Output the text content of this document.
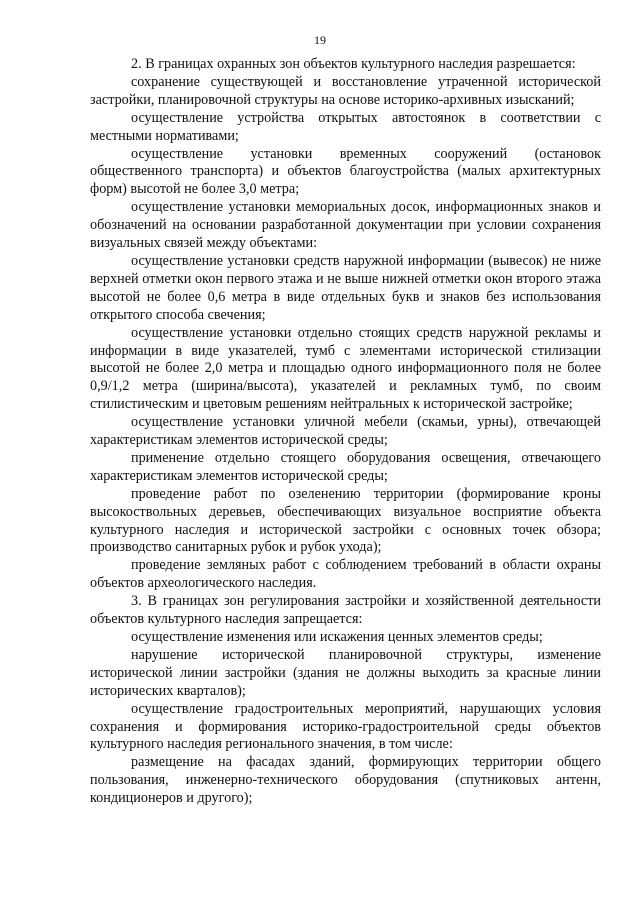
19

2. В границах охранных зон объектов культурного наследия разрешается:

сохранение существующей и восстановление утраченной исторической застройки, планировочной структуры на основе историко-архивных изысканий;

осуществление устройства открытых автостоянок в соответствии с местными нормативами;

осуществление установки временных сооружений (остановок общественного транспорта) и объектов благоустройства (малых архитектурных форм) высотой не более 3,0 метра;

осуществление установки мемориальных досок, информационных знаков и обозначений на основании разработанной документации при условии сохранения визуальных связей между объектами:

осуществление установки средств наружной информации (вывесок) не ниже верхней отметки окон первого этажа и не выше нижней отметки окон второго этажа высотой не более 0,6 метра в виде отдельных букв и знаков без использования открытого способа свечения;

осуществление установки отдельно стоящих средств наружной рекламы и информации в виде указателей, тумб с элементами исторической стилизации высотой не более 2,0 метра и площадью одного информационного поля не более 0,9/1,2 метра (ширина/высота), указателей и рекламных тумб, по своим стилистическим и цветовым решениям нейтральных к исторической застройке;

осуществление установки уличной мебели (скамьи, урны), отвечающей характеристикам элементов исторической среды;

применение отдельно стоящего оборудования освещения, отвечающего характеристикам элементов исторической среды;

проведение работ по озеленению территории (формирование кроны высокоствольных деревьев, обеспечивающих визуальное восприятие объекта культурного наследия и исторической застройки с основных точек обзора; производство санитарных рубок и рубок ухода);

проведение земляных работ с соблюдением требований в области охраны объектов археологического наследия.

3. В границах зон регулирования застройки и хозяйственной деятельности объектов культурного наследия запрещается:

осуществление изменения или искажения ценных элементов среды;

нарушение исторической планировочной структуры, изменение исторической линии застройки (здания не должны выходить за красные линии исторических кварталов);

осуществление градостроительных мероприятий, нарушающих условия сохранения и формирования историко-градостроительной среды объектов культурного наследия регионального значения, в том числе:

размещение на фасадах зданий, формирующих территории общего пользования, инженерно-технического оборудования (спутниковых антенн, кондиционеров и другого);
